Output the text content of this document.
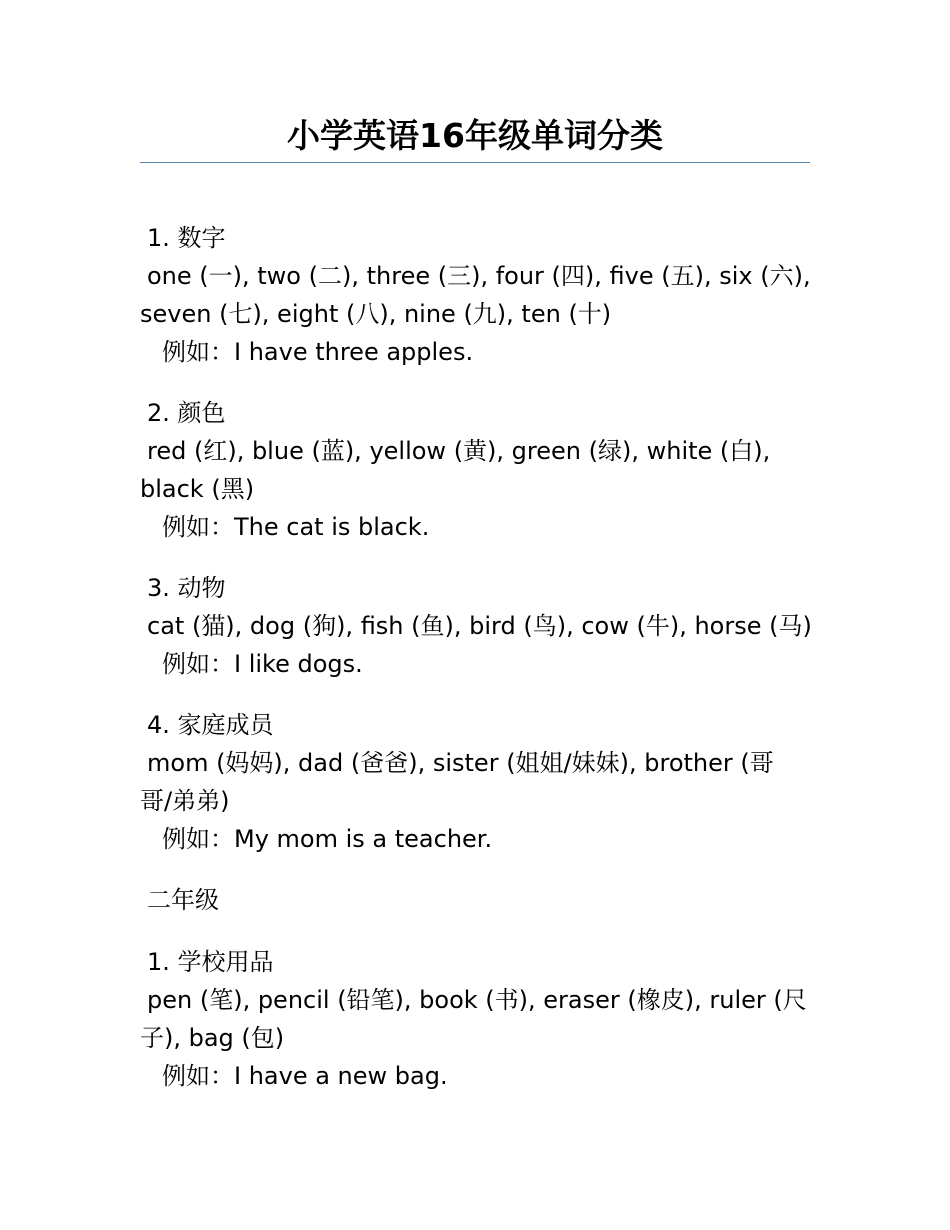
小学英语16年级单词分类
1. 数字
one (一), two (二), three (三), four (四), five (五), six (六),
seven (七), eight (八), nine (九), ten (十)
例如：I have three apples.
2. 颜色
red (红), blue (蓝), yellow (黄), green (绿), white (白),
black (黑)
例如：The cat is black.
3. 动物
cat (猫), dog (狗), fish (鱼), bird (鸟), cow (牛), horse (马)
例如：I like dogs.
4. 家庭成员
mom (妈妈), dad (爸爸), sister (姐姐/妹妹), brother (哥
哥/弟弟)
例如：My mom is a teacher.
二年级
1. 学校用品
pen (笔), pencil (铅笔), book (书), eraser (橡皮), ruler (尺
子), bag (包)
例如：I have a new bag.
